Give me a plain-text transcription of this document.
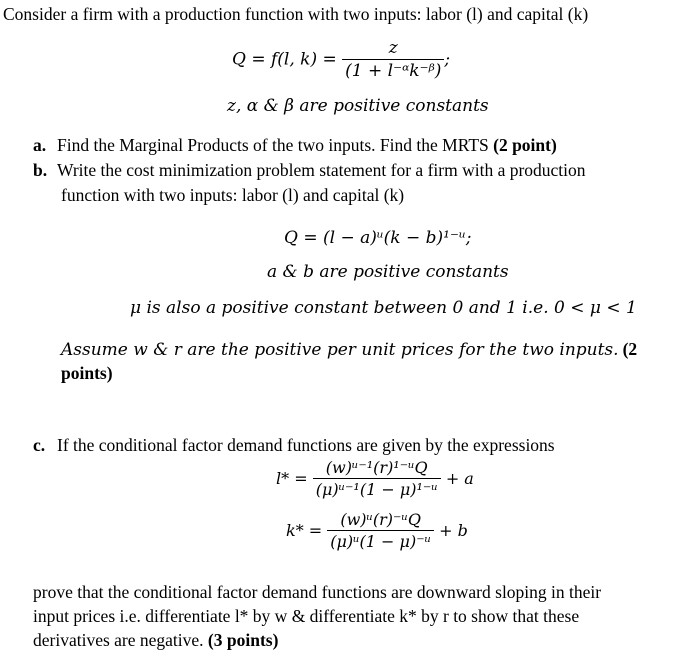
Consider a firm with a production function with two inputs: labor (l) and capital (k)
Q = f(l, $k) = \frac{z}{\text{(1 + l⁻ᵅk⁻ᵝ)}}$ ;
z, α & β are positive constants
a. Find the Marginal Products of the two inputs. Find the MRTS (2 point)
b. Write the cost minimization problem statement for a firm with a production
function with two inputs: labor (l) and capital (k)
Q = (l − a)ᵘ(k − b)¹⁻ᵘ;
a & b are positive constants
μ is also a positive constant between 0 and 1 i.e. 0 < μ < 1
Assume w & r are the positive per unit prices for the two inputs. (2
points)
c. If the conditional factor demand functions are given by the expressions
$l* = \frac{\text{(w)ᵘ⁻¹(r)¹⁻ᵘQ}}{\text{(μ)ᵘ⁻¹(1 − μ)¹⁻ᵘ}} + a$
$k* = \frac{\text{(w)ᵘ(r)⁻ᵘQ}}{\text{(μ)ᵘ(1 − μ)⁻ᵘ}} + b$
prove that the conditional factor demand functions are downward sloping in their
input prices i.e. differentiate l* by w & differentiate k* by r to show that these
derivatives are negative. (3 points)
